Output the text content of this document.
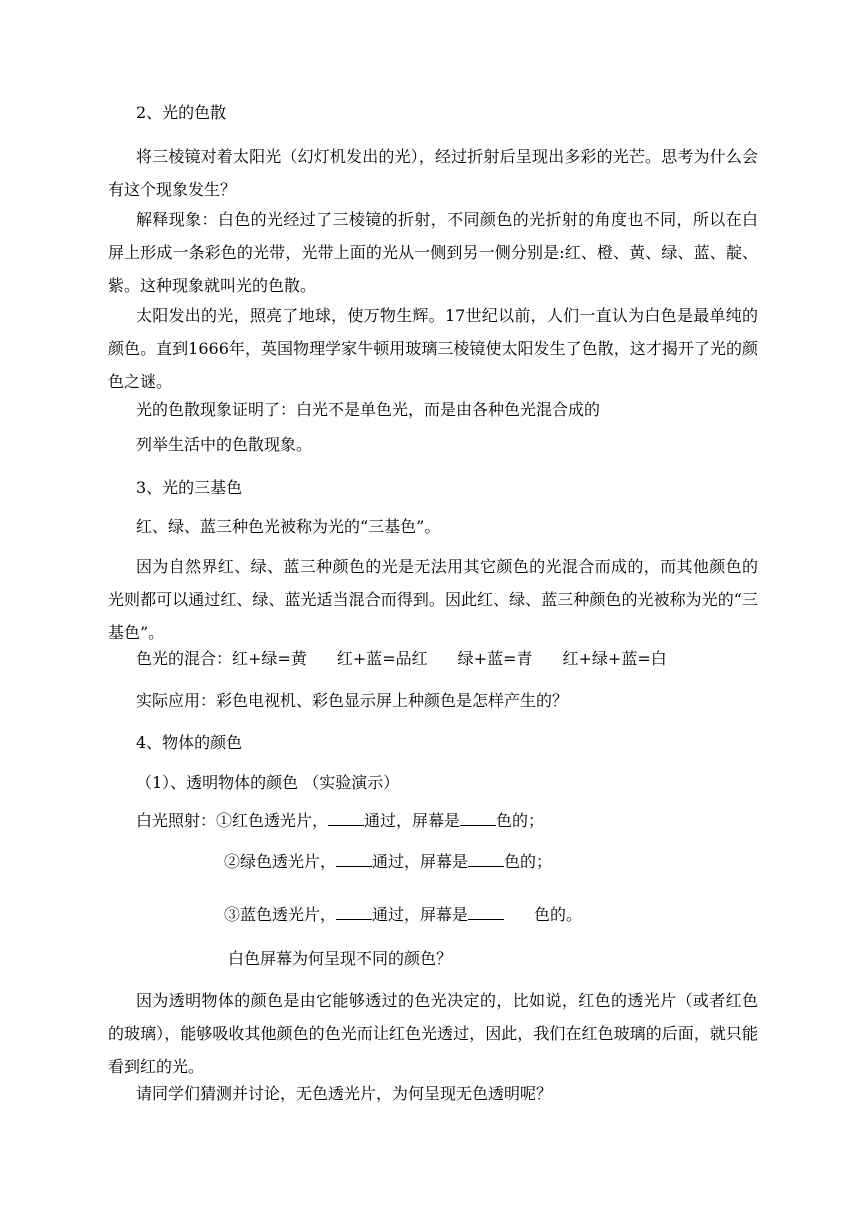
2、光的色散
将三棱镜对着太阳光（幻灯机发出的光），经过折射后呈现出多彩的光芒。思考为什么会有这个现象发生？
解释现象：白色的光经过了三棱镜的折射，不同颜色的光折射的角度也不同，所以在白屏上形成一条彩色的光带，光带上面的光从一侧到另一侧分别是:红、橙、黄、绿、蓝、靛、紫。这种现象就叫光的色散。
太阳发出的光，照亮了地球，使万物生辉。17世纪以前，人们一直认为白色是最单纯的颜色。直到1666年，英国物理学家牛顿用玻璃三棱镜使太阳发生了色散，这才揭开了光的颜色之谜。
光的色散现象证明了：白光不是单色光，而是由各种色光混合成的
列举生活中的色散现象。
3、光的三基色
红、绿、蓝三种色光被称为光的“三基色”。
因为自然界红、绿、蓝三种颜色的光是无法用其它颜色的光混合而成的，而其他颜色的光则都可以通过红、绿、蓝光适当混合而得到。因此红、绿、蓝三种颜色的光被称为光的“三基色”。
色光的混合：红+绿=黄 红+蓝=品红 绿+蓝=青 红+绿+蓝=白
实际应用：彩色电视机、彩色显示屏上种颜色是怎样产生的？
4、物体的颜色
（1）、透明物体的颜色 （实验演示）
白光照射：①红色透光片， 通过，屏幕是 色的；
②绿色透光片， 通过，屏幕是 色的；
③蓝色透光片， 通过，屏幕是	色的。
白色屏幕为何呈现不同的颜色？
因为透明物体的颜色是由它能够透过的色光决定的，比如说，红色的透光片（或者红色的玻璃），能够吸收其他颜色的色光而让红色光透过，因此，我们在红色玻璃的后面，就只能看到红的光。
请同学们猜测并讨论，无色透光片，为何呈现无色透明呢？
